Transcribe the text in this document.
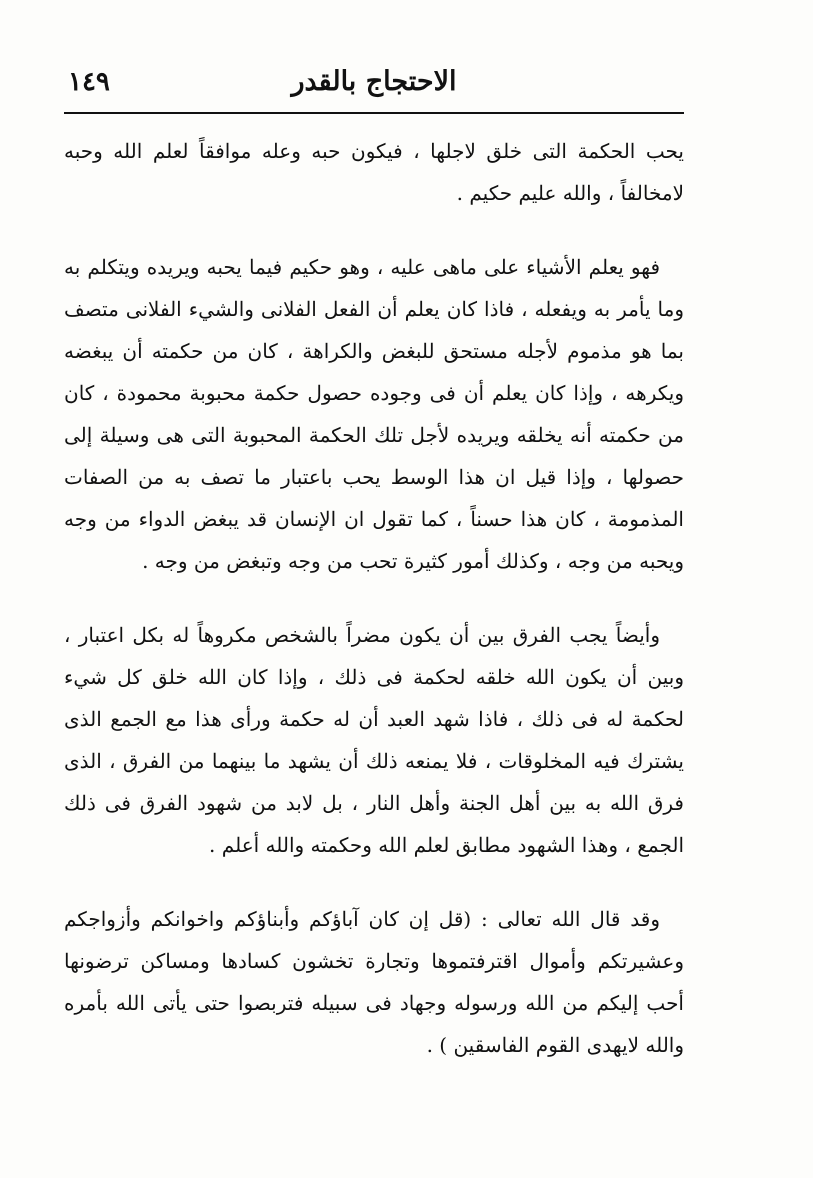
الاحتجاج بالقدر
١٤٩

يحب الحكمة التى خلق لاجلها ، فيكون حبه وعله موافقاً لعلم الله وحبه لامخالفاً ، والله عليم حكيم .

فهو يعلم الأشياء على ماهى عليه ، وهو حكيم فيما يحبه ويريده ويتكلم به وما يأمر به ويفعله ، فاذا كان يعلم أن الفعل الفلانى والشيء الفلانى متصف بما هو مذموم لأجله مستحق للبغض والكراهة ، كان من حكمته أن يبغضه ويكرهه ، وإذا كان يعلم أن فى وجوده حصول حكمة محبوبة محمودة ، كان من حكمته أنه يخلقه ويريده لأجل تلك الحكمة المحبوبة التى هى وسيلة إلى حصولها ، وإذا قيل ان هذا الوسط يحب باعتبار ما تصف به من الصفات المذمومة ، كان هذا حسناً ، كما تقول ان الإنسان قد يبغض الدواء من وجه ويحبه من وجه ، وكذلك أمور كثيرة تحب من وجه وتبغض من وجه .

وأيضاً يجب الفرق بين أن يكون مضراً بالشخص مكروهاً له بكل اعتبار ، وبين أن يكون الله خلقه لحكمة فى ذلك ، وإذا كان الله خلق كل شيء لحكمة له فى ذلك ، فاذا شهد العبد أن له حكمة ورأى هذا مع الجمع الذى يشترك فيه المخلوقات ، فلا يمنعه ذلك أن يشهد ما بينهما من الفرق ، الذى فرق الله به بين أهل الجنة وأهل النار ، بل لابد من شهود الفرق فى ذلك الجمع ، وهذا الشهود مطابق لعلم الله وحكمته والله أعلم .

وقد قال الله تعالى : (قل إن كان آباؤكم وأبناؤكم واخوانكم وأزواجكم وعشيرتكم وأموال اقترفتموها وتجارة تخشون كسادها ومساكن ترضونها أحب إليكم من الله ورسوله وجهاد فى سبيله فتربصوا حتى يأتى الله بأمره والله لايهدى القوم الفاسقين ) .
